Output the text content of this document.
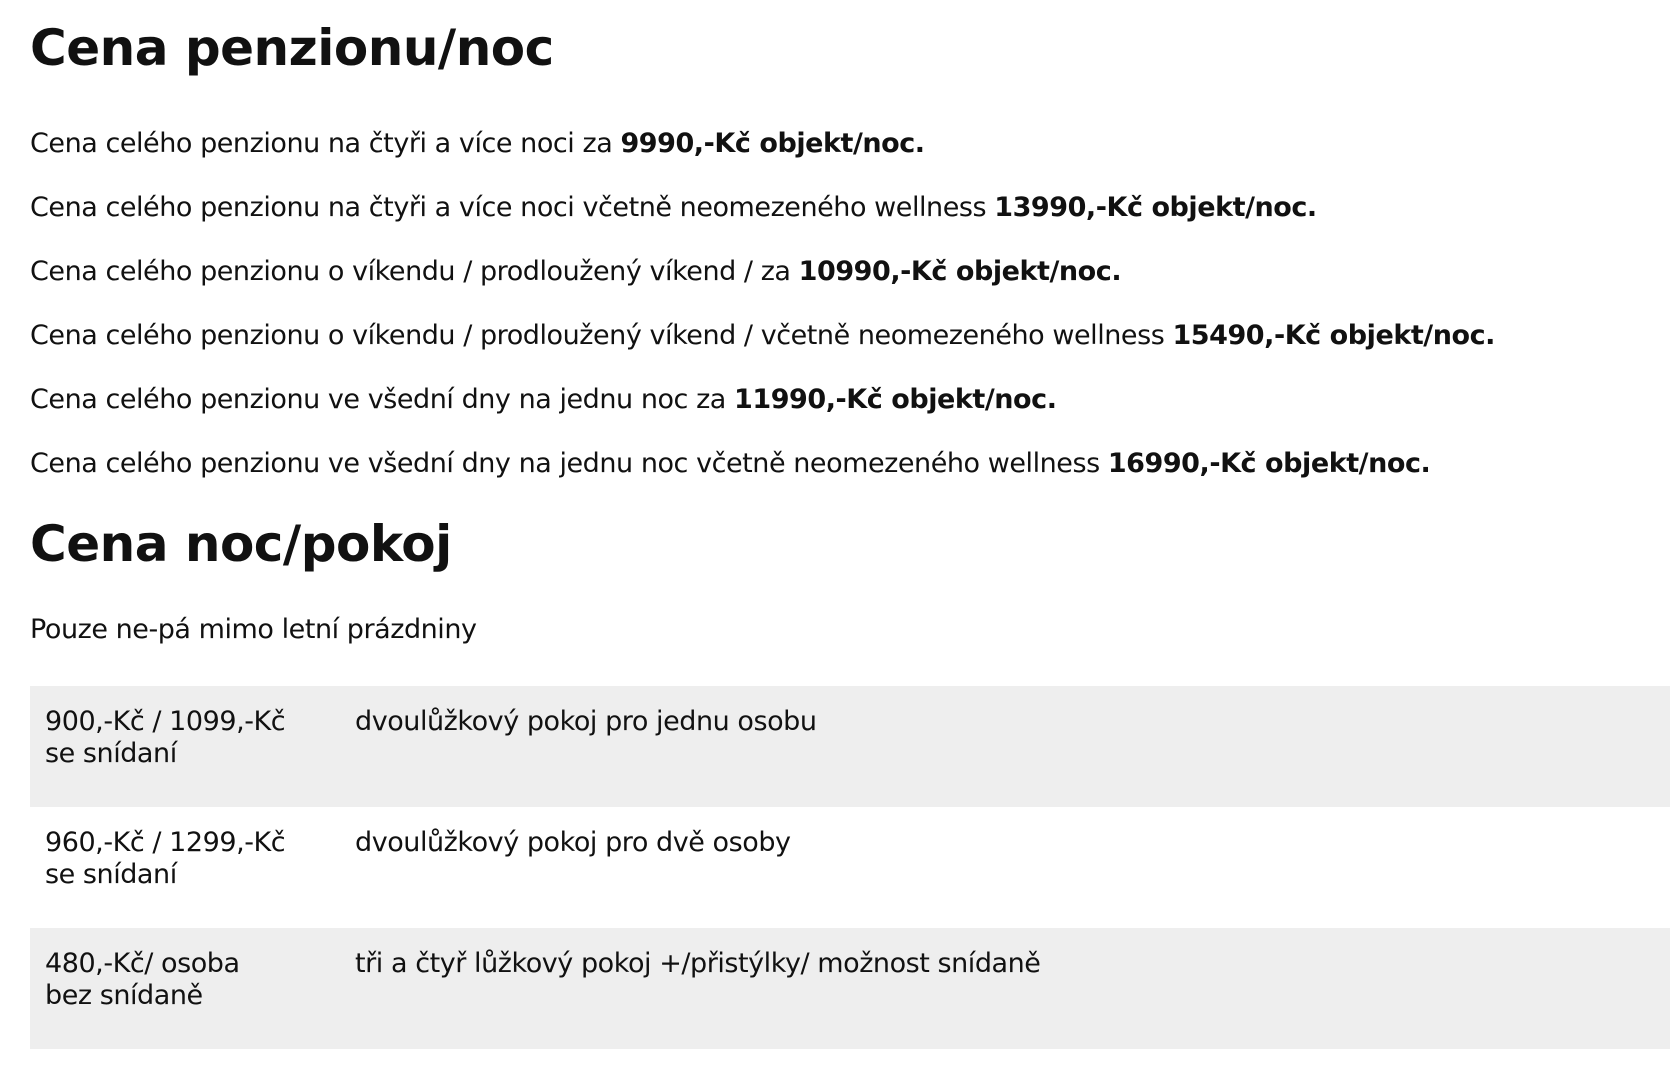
Cena penzionu/noc

Cena celého penzionu na čtyři a více noci za 9990,-Kč objekt/noc.

Cena celého penzionu na čtyři a více noci včetně neomezeného wellness 13990,-Kč objekt/noc.

Cena celého penzionu o víkendu / prodloužený víkend / za 10990,-Kč objekt/noc.

Cena celého penzionu o víkendu / prodloužený víkend / včetně neomezeného wellness 15490,-Kč objekt/noc.

Cena celého penzionu ve všední dny na jednu noc za 11990,-Kč objekt/noc.

Cena celého penzionu ve všední dny na jednu noc včetně neomezeného wellness 16990,-Kč objekt/noc.

Cena noc/pokoj

Pouze ne-pá mimo letní prázdniny

900,-Kč / 1099,-Kč
se snídaní	dvoulůžkový pokoj pro jednu osobu

960,-Kč / 1299,-Kč
se snídaní	dvoulůžkový pokoj pro dvě osoby

480,-Kč/ osoba
bez snídaně	tři a čtyř lůžkový pokoj +/přistýlky/ možnost snídaně
